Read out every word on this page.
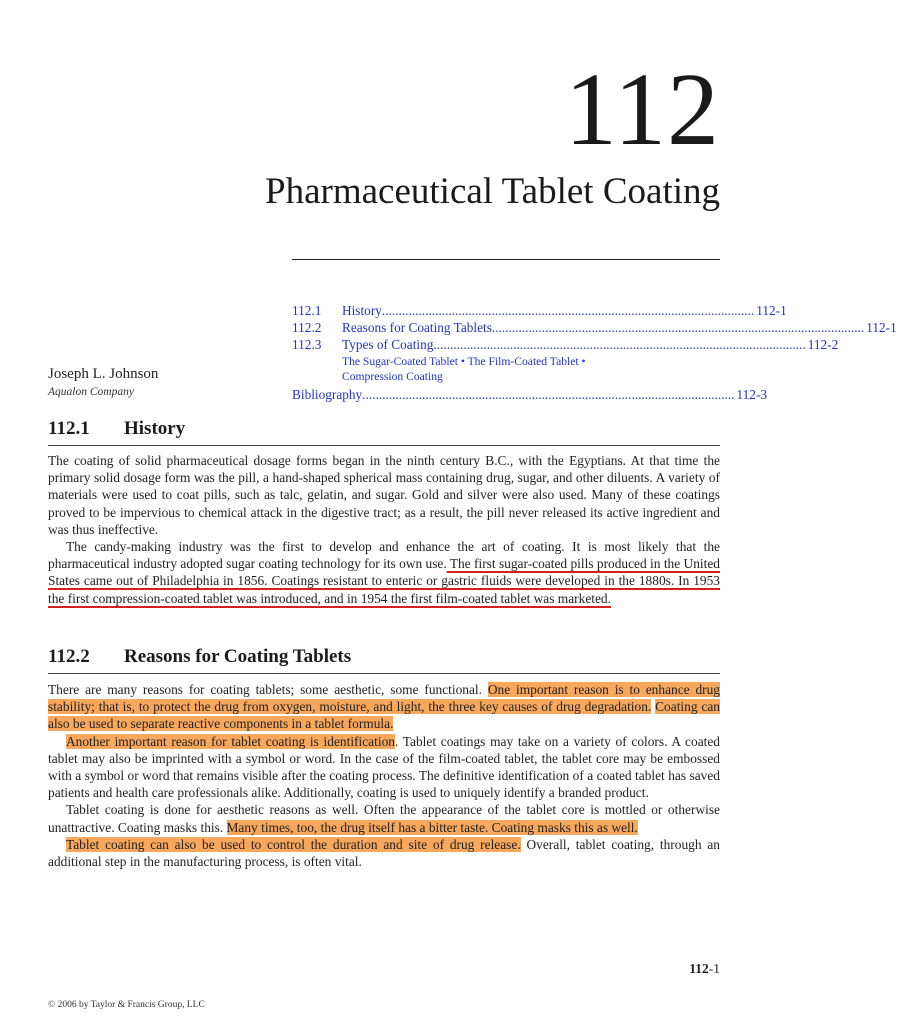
112
Pharmaceutical Tablet Coating
112.1	History ................................................................................................................ 112-1
112.2	Reasons for Coating Tablets ................................................................................................................ 112-1
112.3	Types of Coating ................................................................................................................ 112-2
The Sugar-Coated Tablet • The Film-Coated Tablet •
Compression Coating
Bibliography ................................................................................................................ 112-3
Joseph L. Johnson
Aqualon Company
112.1 History

The coating of solid pharmaceutical dosage forms began in the ninth century B.C., with the Egyptians. At that time the primary solid dosage form was the pill, a hand-shaped spherical mass containing drug, sugar, and other diluents. A variety of materials were used to coat pills, such as talc, gelatin, and sugar. Gold and silver were also used. Many of these coatings proved to be impervious to chemical attack in the digestive tract; as a result, the pill never released its active ingredient and was thus ineffective.

The candy-making industry was the first to develop and enhance the art of coating. It is most likely that the pharmaceutical industry adopted sugar coating technology for its own use. The first sugar-coated pills produced in the United States came out of Philadelphia in 1856. Coatings resistant to enteric or gastric fluids were developed in the 1880s. In 1953 the first compression-coated tablet was introduced, and in 1954 the first film-coated tablet was marketed.

112.2 Reasons for Coating Tablets

There are many reasons for coating tablets; some aesthetic, some functional. One important reason is to enhance drug stability; that is, to protect the drug from oxygen, moisture, and light, the three key causes of drug degradation. Coating can also be used to separate reactive components in a tablet formula.

Another important reason for tablet coating is identification. Tablet coatings may take on a variety of colors. A coated tablet may also be imprinted with a symbol or word. In the case of the film-coated tablet, the tablet core may be embossed with a symbol or word that remains visible after the coating process. The definitive identification of a coated tablet has saved patients and health care professionals alike. Additionally, coating is used to uniquely identify a branded product.

Tablet coating is done for aesthetic reasons as well. Often the appearance of the tablet core is mottled or otherwise unattractive. Coating masks this. Many times, too, the drug itself has a bitter taste. Coating masks this as well.

Tablet coating can also be used to control the duration and site of drug release. Overall, tablet coating, through an additional step in the manufacturing process, is often vital.

112-1
© 2006 by Taylor & Francis Group, LLC
